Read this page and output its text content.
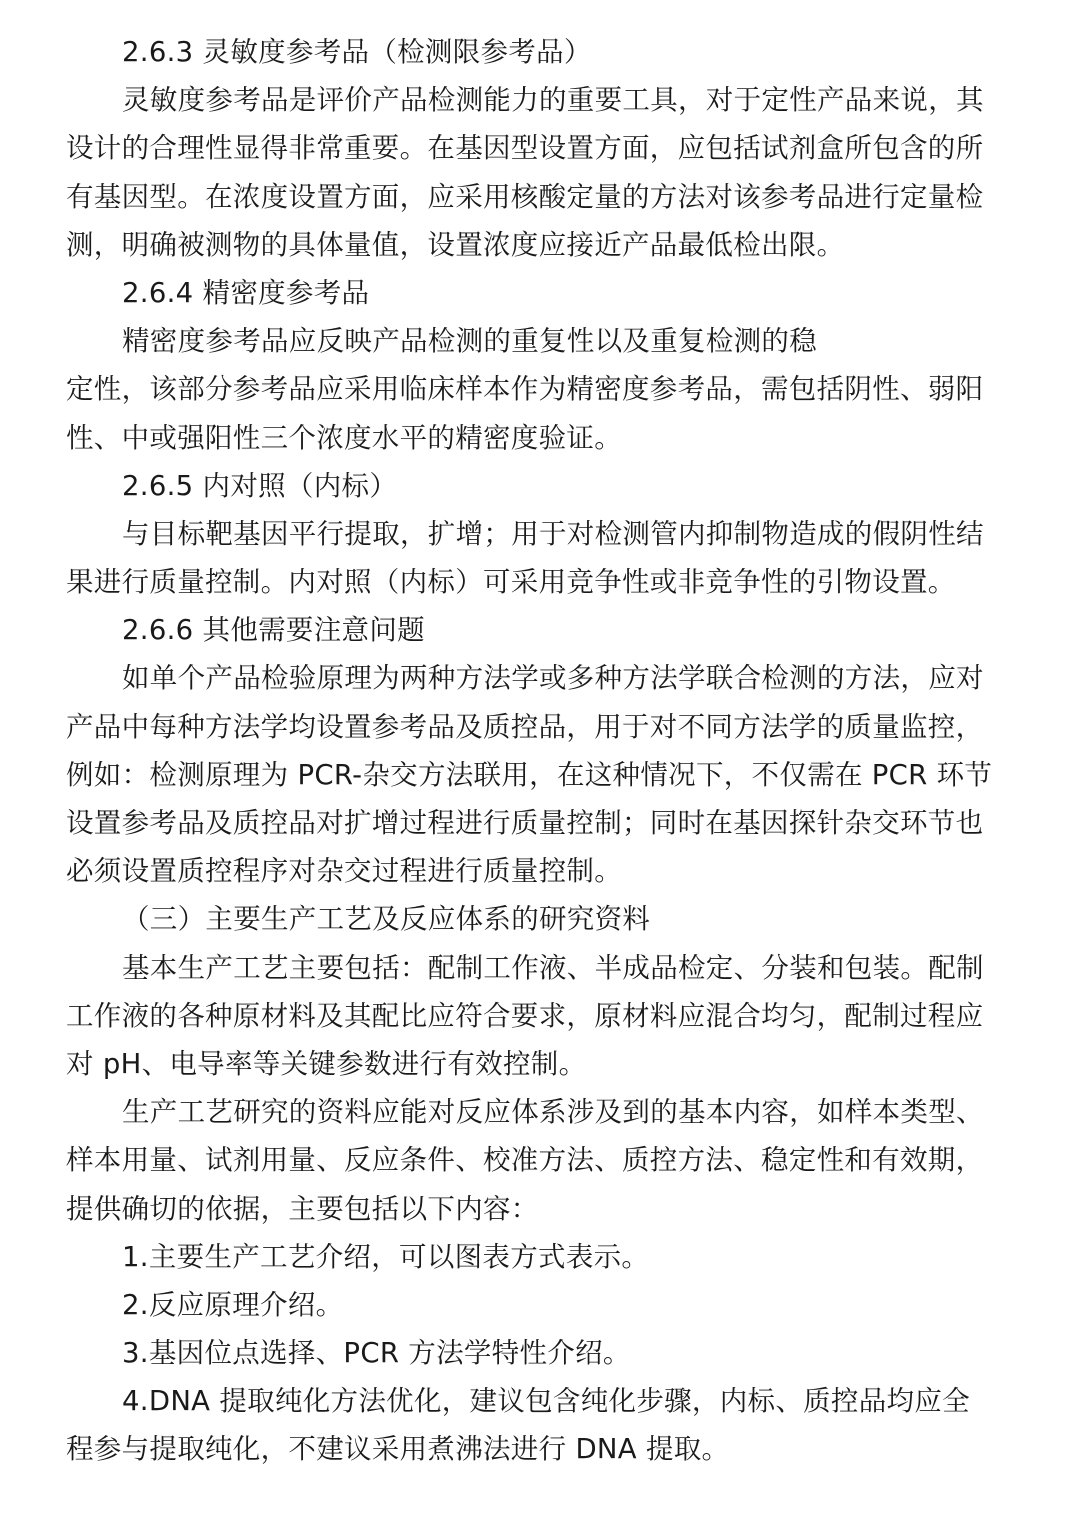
2.6.3 灵敏度参考品（检测限参考品）
灵敏度参考品是评价产品检测能力的重要工具，对于定性产品来说，其
设计的合理性显得非常重要。在基因型设置方面，应包括试剂盒所包含的所
有基因型。在浓度设置方面，应采用核酸定量的方法对该参考品进行定量检
测，明确被测物的具体量值，设置浓度应接近产品最低检出限。
2.6.4 精密度参考品
精密度参考品应反映产品检测的重复性以及重复检测的稳
定性，该部分参考品应采用临床样本作为精密度参考品，需包括阴性、弱阳
性、中或强阳性三个浓度水平的精密度验证。
2.6.5 内对照（内标）
与目标靶基因平行提取，扩增；用于对检测管内抑制物造成的假阴性结
果进行质量控制。内对照（内标）可采用竞争性或非竞争性的引物设置。
2.6.6 其他需要注意问题
如单个产品检验原理为两种方法学或多种方法学联合检测的方法，应对
产品中每种方法学均设置参考品及质控品，用于对不同方法学的质量监控，
例如：检测原理为 PCR-杂交方法联用，在这种情况下，不仅需在 PCR 环节
设置参考品及质控品对扩增过程进行质量控制；同时在基因探针杂交环节也
必须设置质控程序对杂交过程进行质量控制。
（三）主要生产工艺及反应体系的研究资料
基本生产工艺主要包括：配制工作液、半成品检定、分装和包装。配制
工作液的各种原材料及其配比应符合要求，原材料应混合均匀，配制过程应
对 pH、电导率等关键参数进行有效控制。
生产工艺研究的资料应能对反应体系涉及到的基本内容，如样本类型、
样本用量、试剂用量、反应条件、校准方法、质控方法、稳定性和有效期，
提供确切的依据，主要包括以下内容：
1.主要生产工艺介绍，可以图表方式表示。
2.反应原理介绍。
3.基因位点选择、PCR 方法学特性介绍。
4.DNA 提取纯化方法优化，建议包含纯化步骤，内标、质控品均应全
程参与提取纯化，不建议采用煮沸法进行 DNA 提取。
